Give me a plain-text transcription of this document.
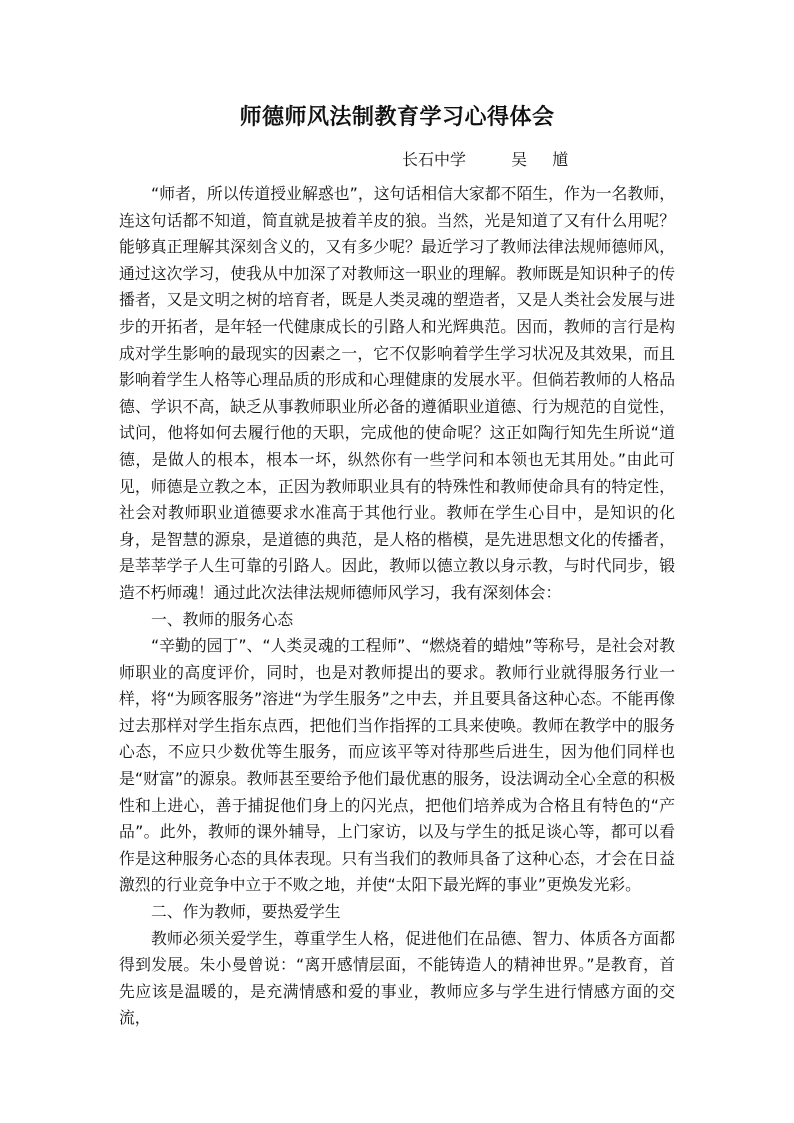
师德师风法制教育学习心得体会
长石中学	吴 馗

“师者，所以传道授业解惑也”，这句话相信大家都不陌生，作为一名教师，连这句话都不知道，简直就是披着羊皮的狼。当然，光是知道了又有什么用呢？能够真正理解其深刻含义的，又有多少呢？最近学习了教师法律法规师德师风，通过这次学习，使我从中加深了对教师这一职业的理解。教师既是知识种子的传播者，又是文明之树的培育者，既是人类灵魂的塑造者，又是人类社会发展与进步的开拓者，是年轻一代健康成长的引路人和光辉典范。因而，教师的言行是构成对学生影响的最现实的因素之一，它不仅影响着学生学习状况及其效果，而且影响着学生人格等心理品质的形成和心理健康的发展水平。但倘若教师的人格品德、学识不高，缺乏从事教师职业所必备的遵循职业道德、行为规范的自觉性，试问，他将如何去履行他的天职，完成他的使命呢？这正如陶行知先生所说“道德，是做人的根本，根本一坏，纵然你有一些学问和本领也无其用处。”由此可见，师德是立教之本，正因为教师职业具有的特殊性和教师使命具有的特定性，社会对教师职业道德要求水准高于其他行业。教师在学生心目中，是知识的化身，是智慧的源泉，是道德的典范，是人格的楷模，是先进思想文化的传播者，是莘莘学子人生可靠的引路人。因此，教师以德立教以身示教，与时代同步，锻造不朽师魂！通过此次法律法规师德师风学习，我有深刻体会：

一、教师的服务心态

“辛勤的园丁”、“人类灵魂的工程师”、“燃烧着的蜡烛”等称号，是社会对教师职业的高度评价，同时，也是对教师提出的要求。教师行业就得服务行业一样，将“为顾客服务”溶进“为学生服务”之中去，并且要具备这种心态。不能再像过去那样对学生指东点西，把他们当作指挥的工具来使唤。教师在教学中的服务心态，不应只少数优等生服务，而应该平等对待那些后进生，因为他们同样也是“财富”的源泉。教师甚至要给予他们最优惠的服务，设法调动全心全意的积极性和上进心，善于捕捉他们身上的闪光点，把他们培养成为合格且有特色的“产品”。此外，教师的课外辅导，上门家访，以及与学生的抵足谈心等，都可以看作是这种服务心态的具体表现。只有当我们的教师具备了这种心态，才会在日益激烈的行业竞争中立于不败之地，并使“太阳下最光辉的事业”更焕发光彩。

二、作为教师，要热爱学生

教师必须关爱学生，尊重学生人格，促进他们在品德、智力、体质各方面都得到发展。朱小曼曾说：“离开感情层面，不能铸造人的精神世界。”是教育，首先应该是温暖的，是充满情感和爱的事业，教师应多与学生进行情感方面的交流，
